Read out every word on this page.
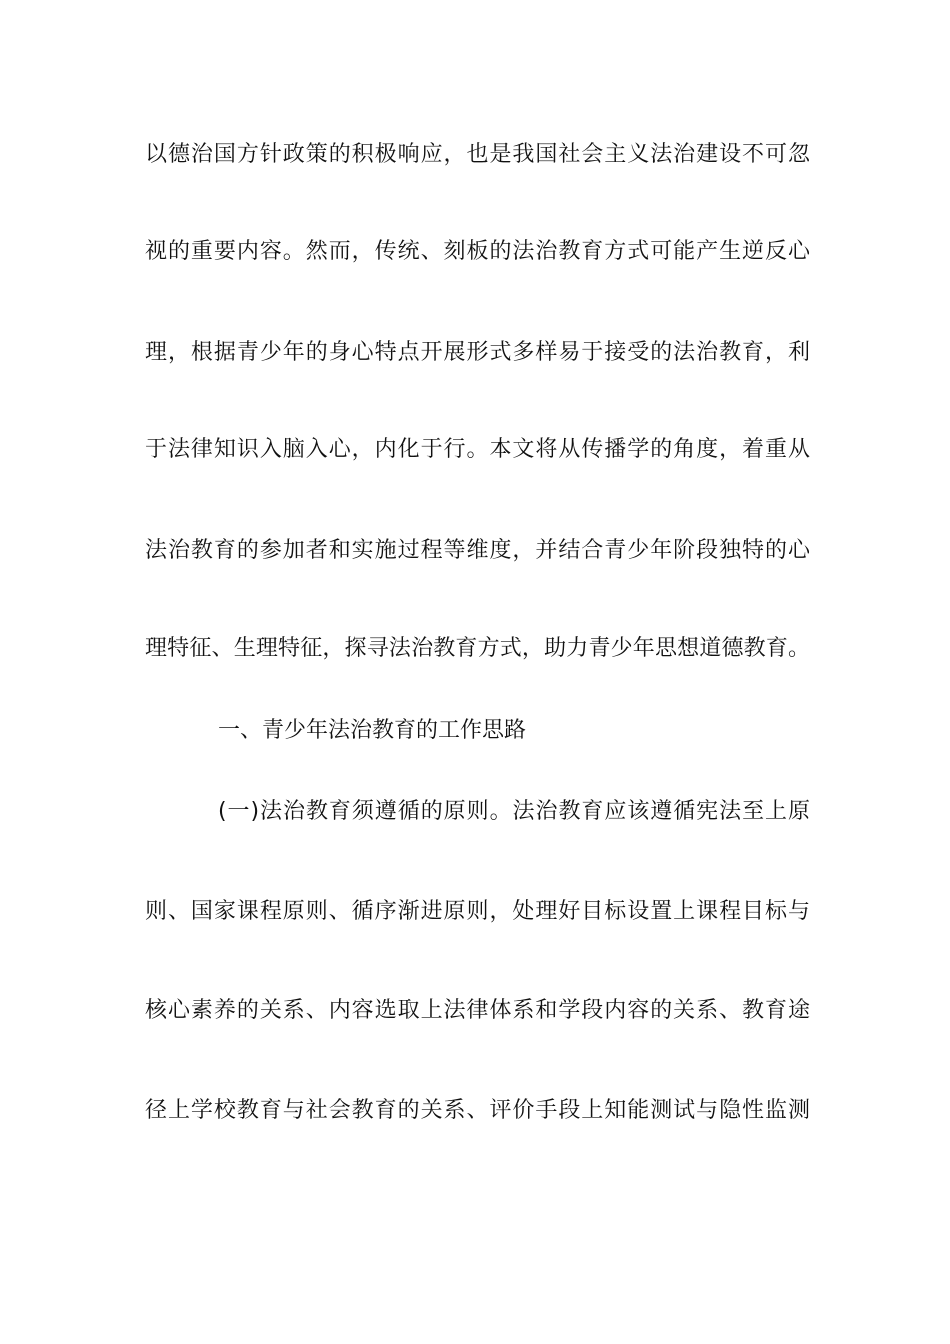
以德治国方针政策的积极响应，也是我国社会主义法治建设不可忽
视的重要内容。然而，传统、刻板的法治教育方式可能产生逆反心
理，根据青少年的身心特点开展形式多样易于接受的法治教育，利
于法律知识入脑入心，内化于行。本文将从传播学的角度，着重从
法治教育的参加者和实施过程等维度，并结合青少年阶段独特的心
理特征、生理特征，探寻法治教育方式，助力青少年思想道德教育。
一、青少年法治教育的工作思路
(一)法治教育须遵循的原则。法治教育应该遵循宪法至上原
则、国家课程原则、循序渐进原则，处理好目标设置上课程目标与
核心素养的关系、内容选取上法律体系和学段内容的关系、教育途
径上学校教育与社会教育的关系、评价手段上知能测试与隐性监测
